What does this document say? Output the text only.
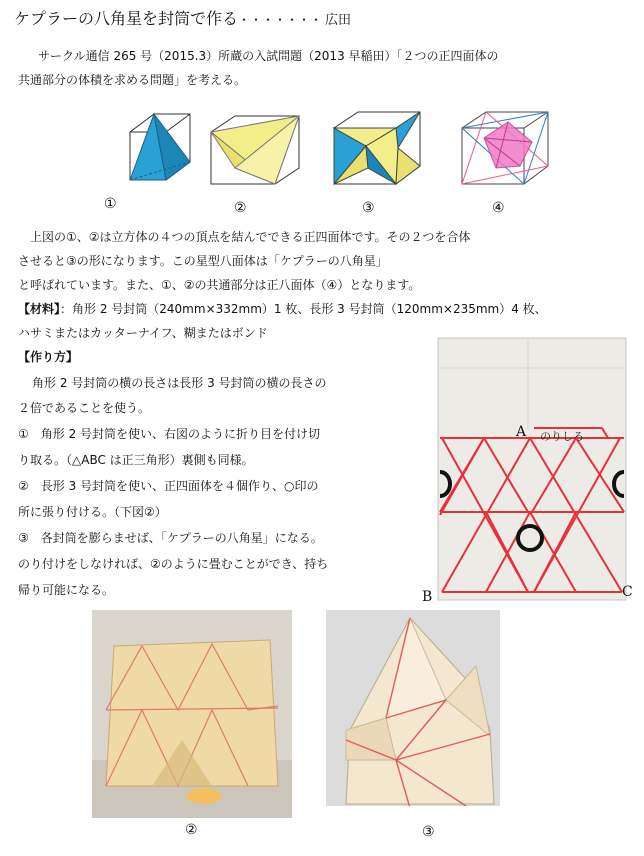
ケプラーの八角星を封筒で作る・・・・・・・ 広田
サークル通信 265 号（2015.3）所蔵の入試問題（2013 早稲田）「２つの正四面体の
共通部分の体積を求める問題」を考える。
①	②	③	④
上図の①、②は立方体の４つの頂点を結んでできる正四面体です。その２つを合体
させると③の形になります。この星型八面体は「ケプラーの八角星」
と呼ばれています。また、①、②の共通部分は正八面体（④）となります。
【材料】：角形 2 号封筒（240mm×332mm）1 枚、長形 3 号封筒（120mm×235mm）4 枚、
ハサミまたはカッターナイフ、糊またはボンド
【作り方】
角形 2 号封筒の横の長さは長形 3 号封筒の横の長さの
２倍であることを使う。
①　角形 2 号封筒を使い、右図のように折り目を付け切
り取る。（△ABC は正三角形）裏側も同様。
②　長形 3 号封筒を使い、正四面体を４個作り、○印の
所に張り付ける。（下図②）
③　各封筒を膨らませば、「ケプラーの八角星」になる。
のり付けをしなければ、②のように畳むことができ、持ち
帰り可能になる。
A
B	C
のりしろ
②	③
